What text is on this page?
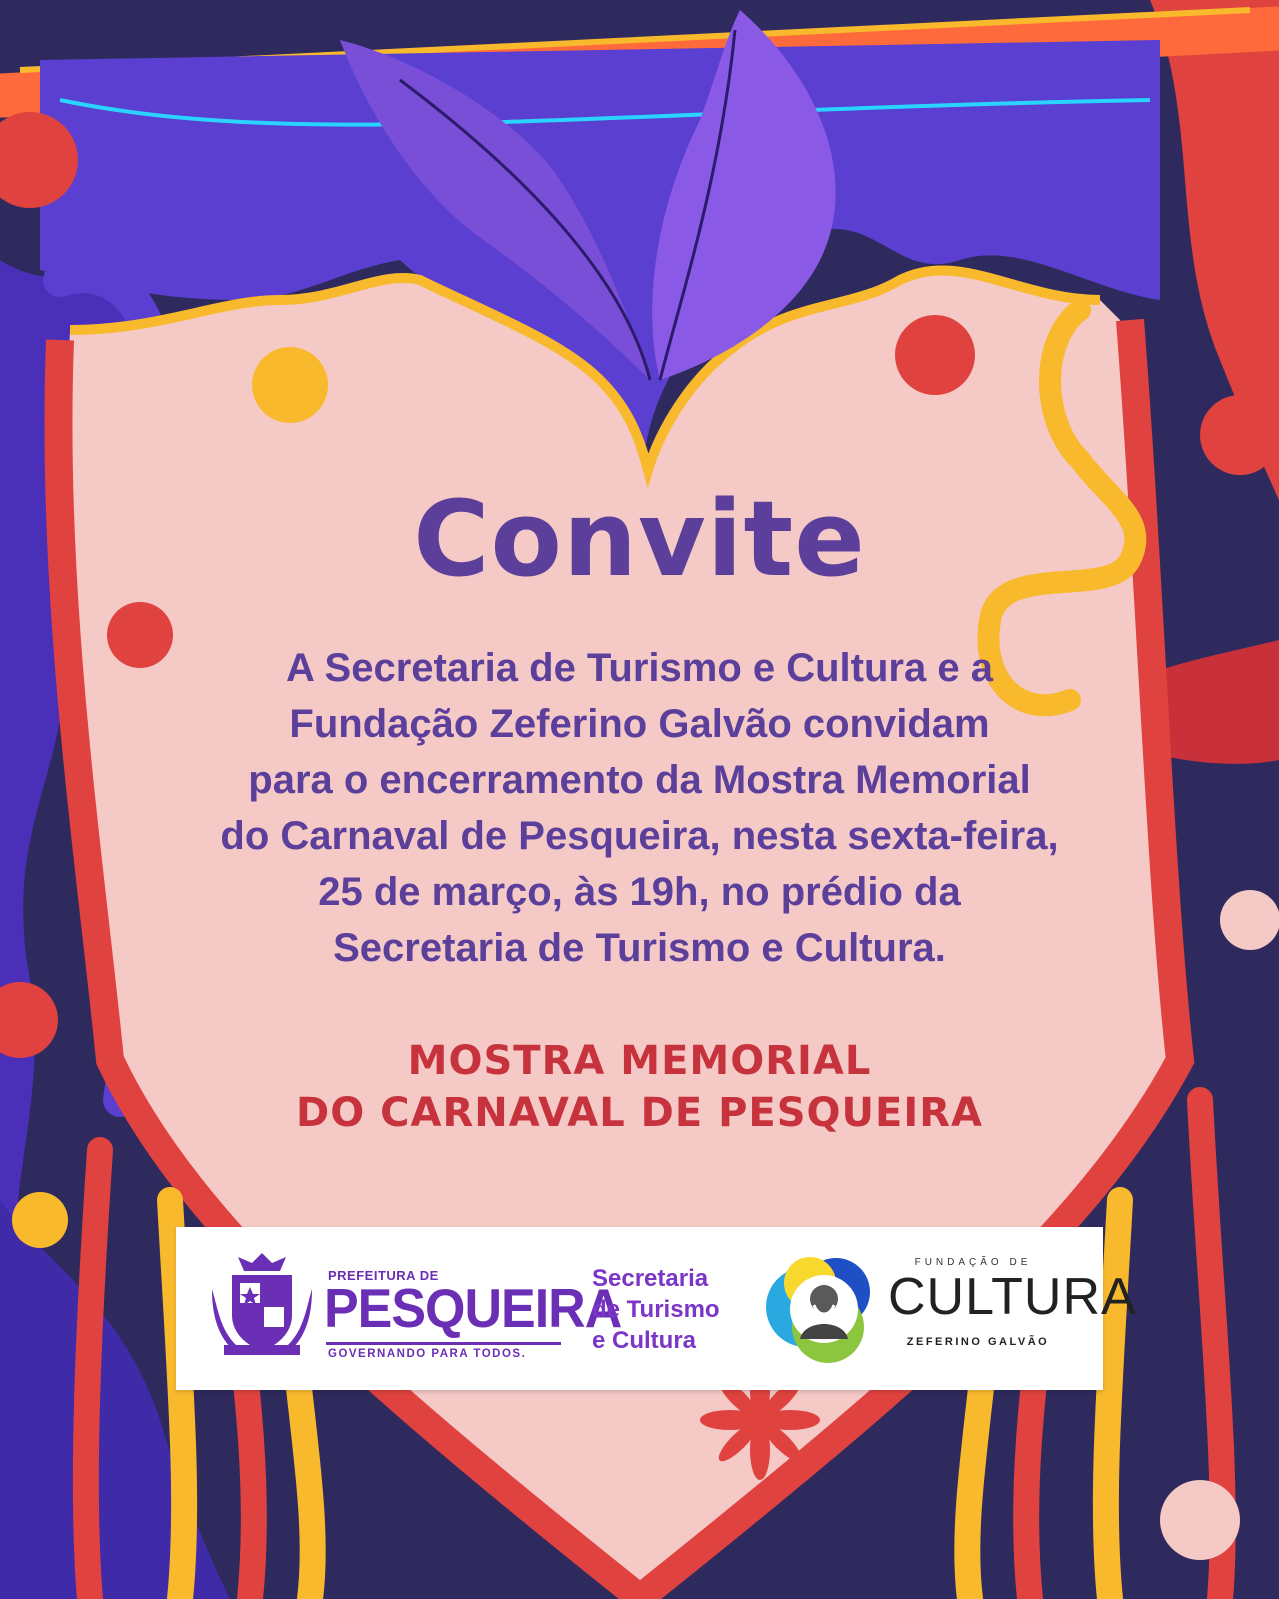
Convite
A Secretaria de Turismo e Cultura e a
Fundação Zeferino Galvão convidam
para o encerramento da Mostra Memorial
do Carnaval de Pesqueira, nesta sexta-feira,
25 de março, às 19h, no prédio da
Secretaria de Turismo e Cultura.
MOSTRA MEMORIAL
DO CARNAVAL DE PESQUEIRA
PREFEITURA DE
PESQUEIRA
GOVERNANDO PARA TODOS.
Secretaria
de Turismo
e Cultura
FUNDAÇÃO DE
CULTURA
ZEFERINO GALVÃO
